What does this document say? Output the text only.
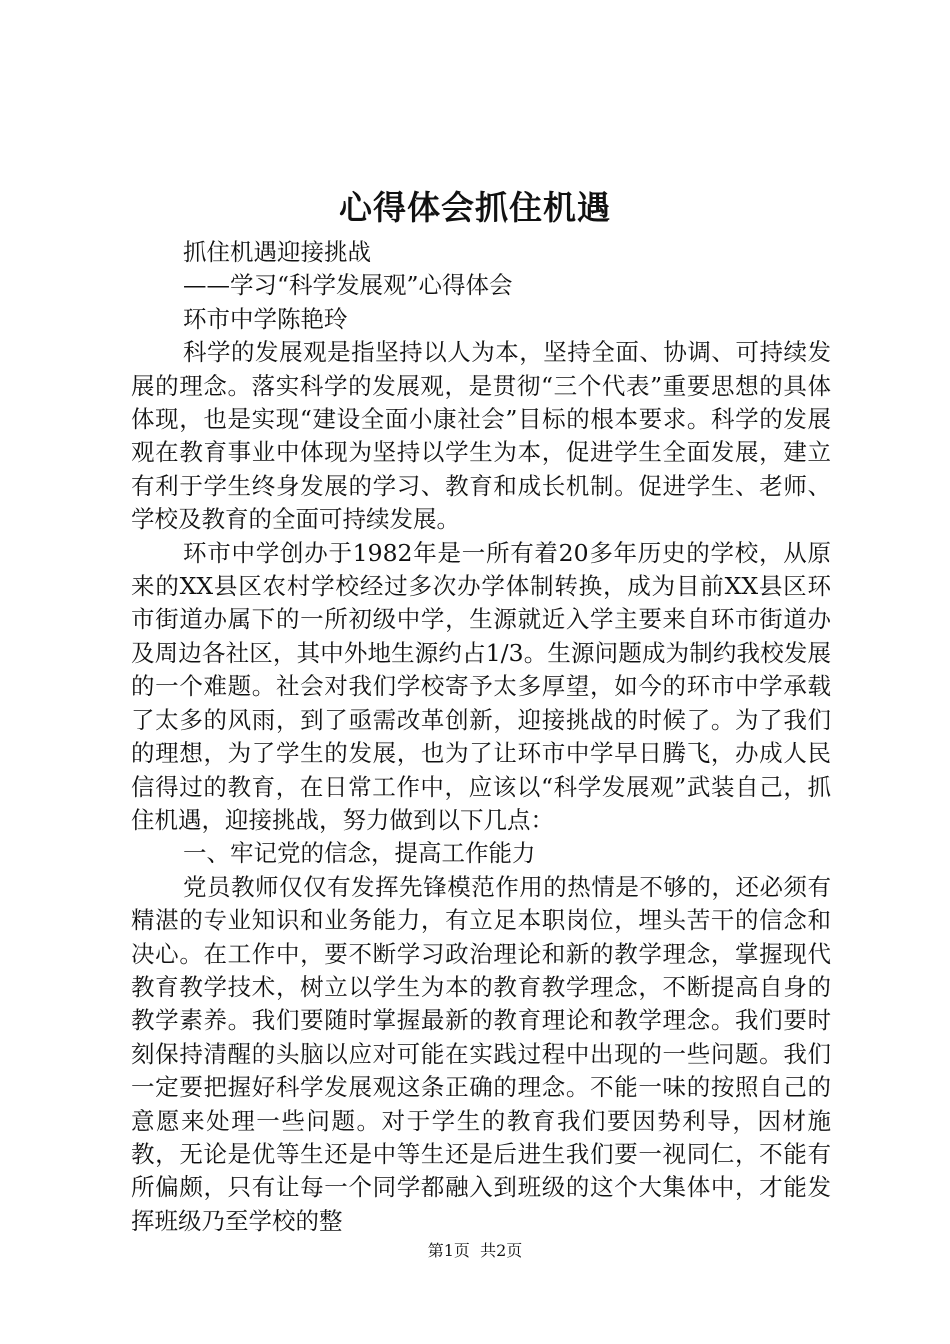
心得体会抓住机遇

抓住机遇迎接挑战

——学习“科学发展观”心得体会

环市中学陈艳玲

科学的发展观是指坚持以人为本，坚持全面、协调、可持续发展的理念。落实科学的发展观，是贯彻“三个代表”重要思想的具体体现，也是实现“建设全面小康社会”目标的根本要求。科学的发展观在教育事业中体现为坚持以学生为本，促进学生全面发展，建立有利于学生终身发展的学习、教育和成长机制。促进学生、老师、学校及教育的全面可持续发展。

环市中学创办于1982年是一所有着20多年历史的学校，从原来的XX县区农村学校经过多次办学体制转换，成为目前XX县区环市街道办属下的一所初级中学，生源就近入学主要来自环市街道办及周边各社区，其中外地生源约占1/3。生源问题成为制约我校发展的一个难题。社会对我们学校寄予太多厚望，如今的环市中学承载了太多的风雨，到了亟需改革创新，迎接挑战的时候了。为了我们的理想，为了学生的发展，也为了让环市中学早日腾飞，办成人民信得过的教育，在日常工作中，应该以“科学发展观”武装自己，抓住机遇，迎接挑战，努力做到以下几点：

一、牢记党的信念，提高工作能力

党员教师仅仅有发挥先锋模范作用的热情是不够的，还必须有精湛的专业知识和业务能力，有立足本职岗位，埋头苦干的信念和决心。在工作中，要不断学习政治理论和新的教学理念，掌握现代教育教学技术，树立以学生为本的教育教学理念，不断提高自身的教学素养。我们要随时掌握最新的教育理论和教学理念。我们要时刻保持清醒的头脑以应对可能在实践过程中出现的一些问题。我们一定要把握好科学发展观这条正确的理念。不能一味的按照自己的意愿来处理一些问题。对于学生的教育我们要因势利导，因材施教，无论是优等生还是中等生还是后进生我们要一视同仁，不能有所偏颇，只有让每一个同学都融入到班级的这个大集体中，才能发挥班级乃至学校的整

第1页  共2页
